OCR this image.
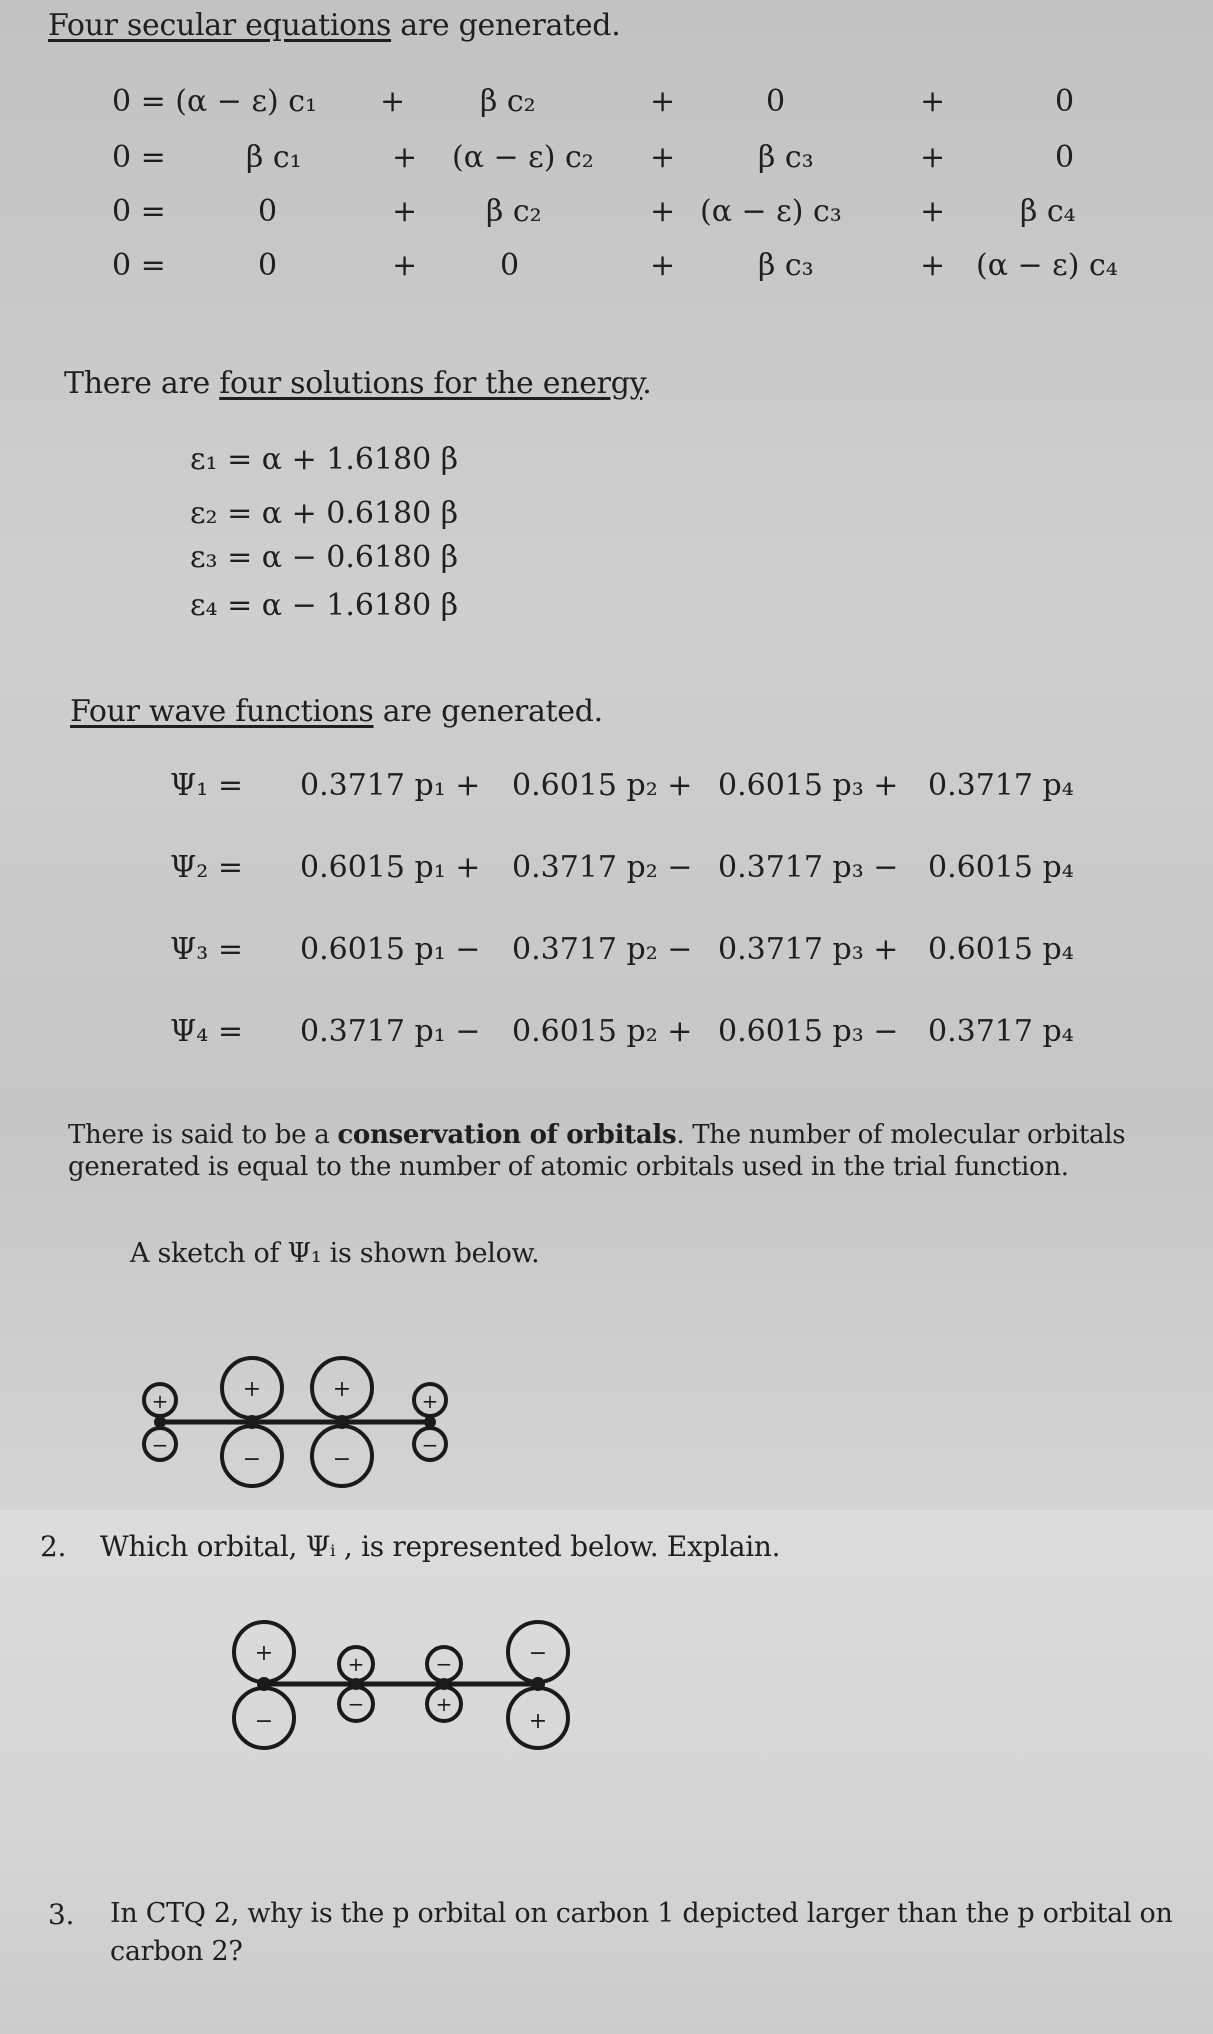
Four secular equations are generated.
0 = (α − ε) c₁ + β c₂	+	0	+	0
0 =	β c₁	+ (α − ε) c₂ +	β c₃	+	0
0 =	0	+ β c₂	+ (α − ε) c₃	+ β c₄
0 =	0	+	0	+	β c₃	+ (α − ε) c₄
There are four solutions for the energy.
ε₁ = α + 1.6180 β
ε₂ = α + 0.6180 β
ε₃ = α − 0.6180 β
ε₄ = α − 1.6180 β
Four wave functions are generated.
Ψ₁ = 0.3717 p₁ + 0.6015 p₂ + 0.6015 p₃ + 0.3717 p₄
Ψ₂ = 0.6015 p₁ + 0.3717 p₂ − 0.3717 p₃ − 0.6015 p₄
Ψ₃ = 0.6015 p₁ − 0.3717 p₂ − 0.3717 p₃ + 0.6015 p₄
Ψ₄ = 0.3717 p₁ − 0.6015 p₂ + 0.6015 p₃ − 0.3717 p₄
There is said to be a conservation of orbitals. The number of molecular orbitals
generated is equal to the number of atomic orbitals used in the trial function.
A sketch of Ψ₁ is shown below.
+
−
+
−
+
−
+
−
2. Which orbital, Ψᵢ , is represented below. Explain.
+
−
+
−
−
+
−
+
3. In CTQ 2, why is the p orbital on carbon 1 depicted larger than the p orbital on
carbon 2?
